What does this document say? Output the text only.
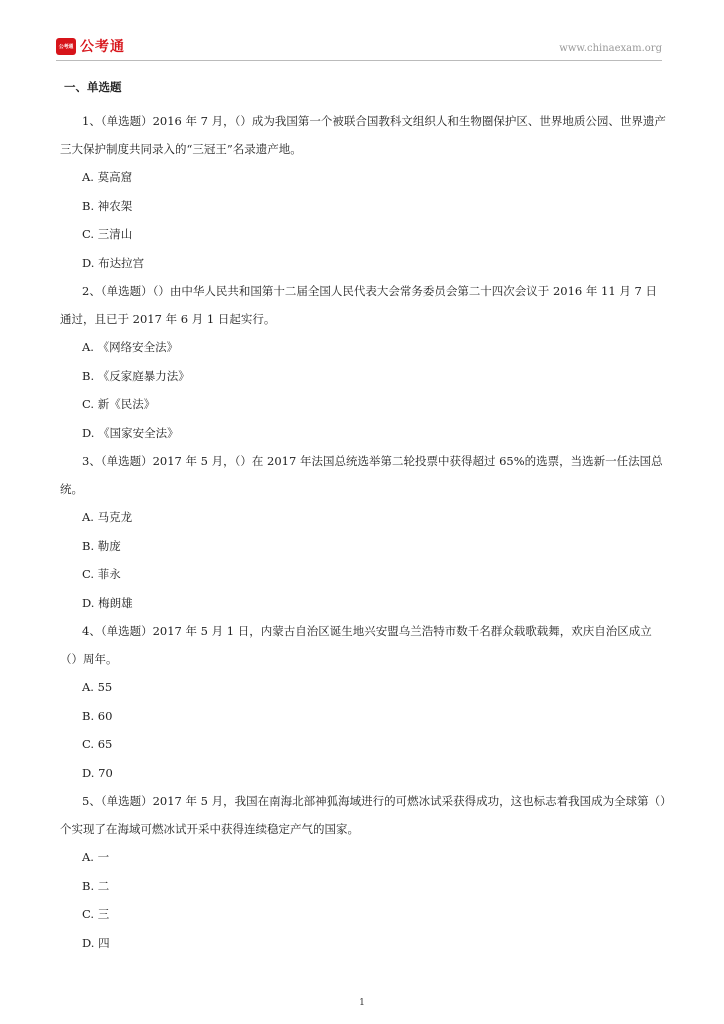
公考通 公考通	www.chinaexam.org
一、单选题

1、（单选题）2016 年 7 月，（）成为我国第一个被联合国教科文组织人和生物圈保护区、世界地质公园、世界遗产三大保护制度共同录入的“三冠王”名录遗产地。

A. 莫高窟

B. 神农架

C. 三清山

D. 布达拉宫

2、（单选题）（）由中华人民共和国第十二届全国人民代表大会常务委员会第二十四次会议于 2016 年 11 月 7 日通过，且已于 2017 年 6 月 1 日起实行。

A. 《网络安全法》

B. 《反家庭暴力法》

C. 新《民法》

D. 《国家安全法》

3、（单选题）2017 年 5 月，（）在 2017 年法国总统选举第二轮投票中获得超过 65%的选票，当选新一任法国总统。

A. 马克龙

B. 勒庞

C. 菲永

D. 梅朗雄

4、（单选题）2017 年 5 月 1 日，内蒙古自治区诞生地兴安盟乌兰浩特市数千名群众载歌载舞，欢庆自治区成立（）周年。

A. 55

B. 60

C. 65

D. 70

5、（单选题）2017 年 5 月，我国在南海北部神狐海域进行的可燃冰试采获得成功，这也标志着我国成为全球第（）个实现了在海域可燃冰试开采中获得连续稳定产气的国家。

A. 一

B. 二

C. 三

D. 四

1
